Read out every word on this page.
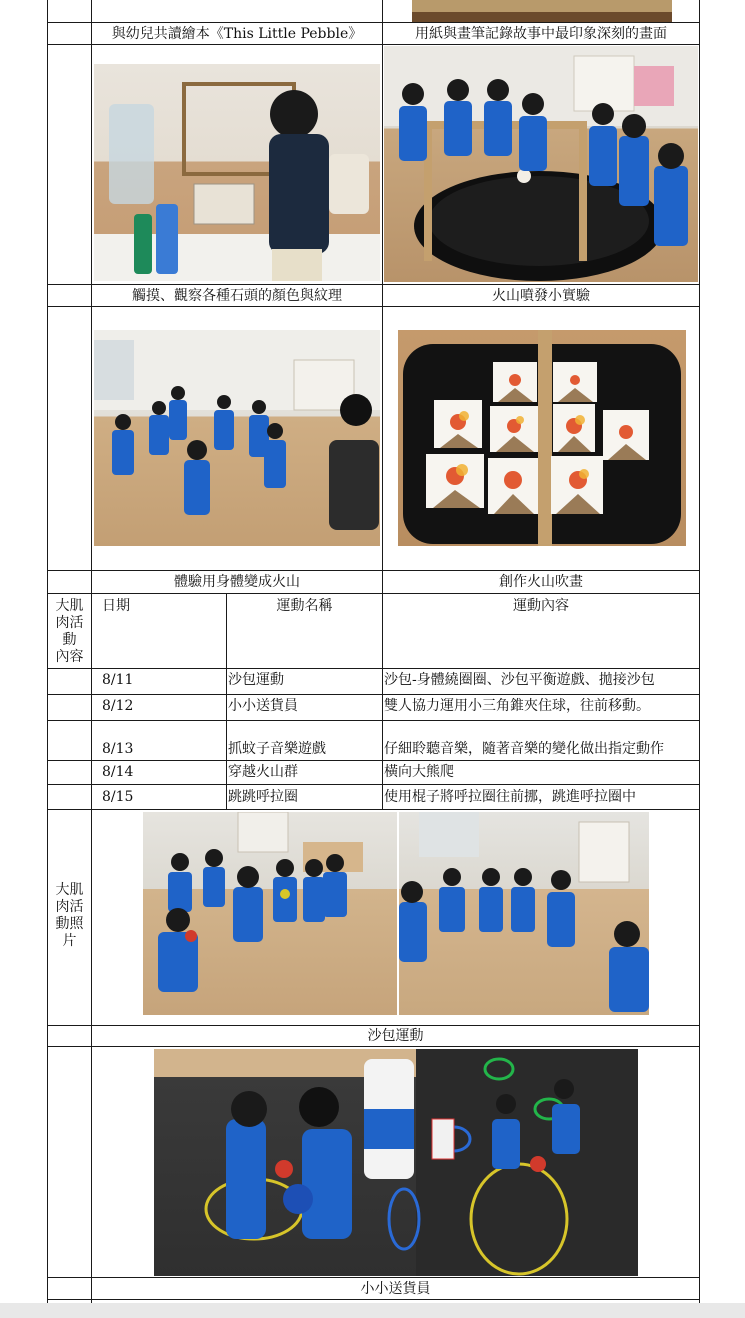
與幼兒共讀繪本《This Little Pebble》	用紙與畫筆記錄故事中最印象深刻的畫面
觸摸、觀察各種石頭的顏色與紋理	火山噴發小實驗
體驗用身體變成火山	創作火山吹畫
大肌
肉活
動
內容
日期	運動名稱	運動內容
8/11	沙包運動	沙包-身體繞圈圈、沙包平衡遊戲、拋接沙包
8/12	小小送貨員	雙人協力運用小三角錐夾住球，往前移動。
8/13	抓蚊子音樂遊戲	仔細聆聽音樂，隨著音樂的變化做出指定動作
8/14	穿越火山群	橫向大熊爬
8/15	跳跳呼拉圈	使用棍子將呼拉圈往前挪，跳進呼拉圈中
大肌
肉活
動照
片
沙包運動
小小送貨員
